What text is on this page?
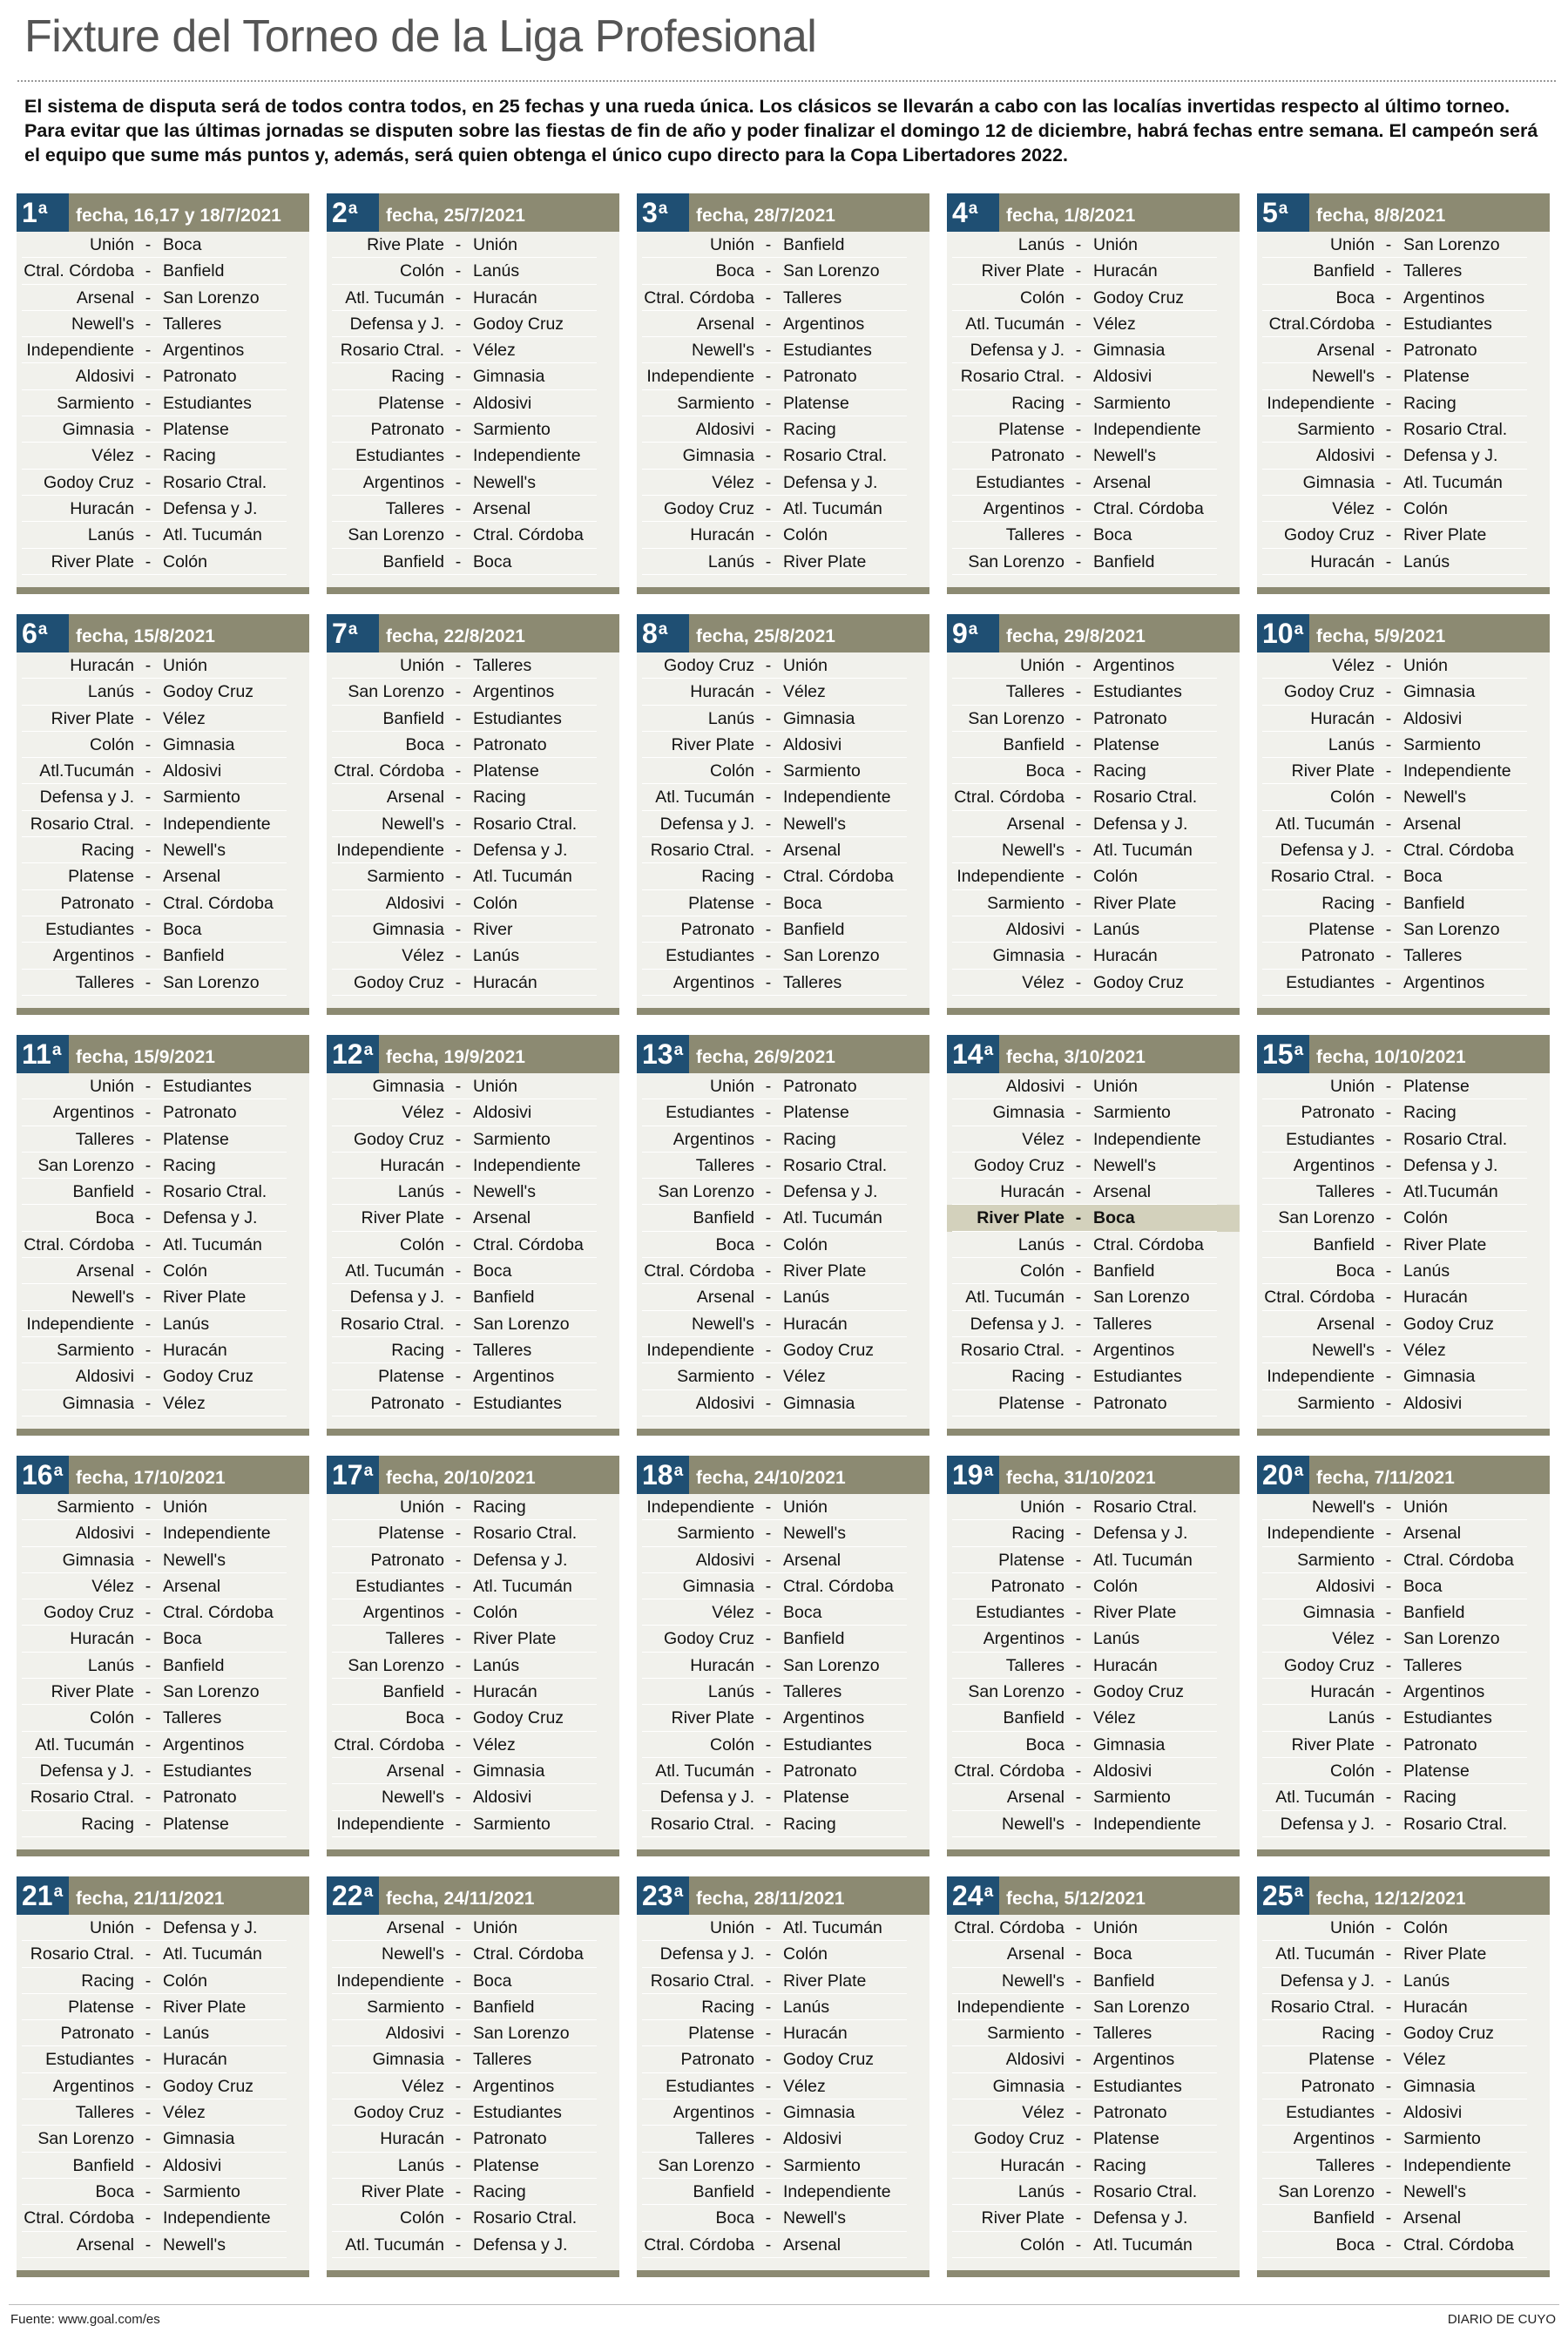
Fixture del Torneo de la Liga Profesional
El sistema de disputa será de todos contra todos, en 25 fechas y una rueda única. Los clásicos se llevarán a cabo con las localías invertidas respecto al último torneo. Para evitar que las últimas jornadas se disputen sobre las fiestas de fin de año y poder finalizar el domingo 12 de diciembre, habrá fechas entre semana. El campeón será el equipo que sume más puntos y, además, será quien obtenga el único cupo directo para la Copa Libertadores 2022.
1$^a$	fecha, 16,17 y 18/7/2021
Unión - Boca
Ctral. Córdoba - Banfield
Arsenal - San Lorenzo
Newell's - Talleres
Independiente - Argentinos
Aldosivi - Patronato
Sarmiento - Estudiantes
Gimnasia - Platense
Vélez - Racing
Godoy Cruz - Rosario Ctral.
Huracán - Defensa y J.
Lanús - Atl. Tucumán
River Plate - Colón
2$^a$	fecha, 25/7/2021
Rive Plate - Unión
Colón - Lanús
Atl. Tucumán - Huracán
Defensa y J. - Godoy Cruz
Rosario Ctral. - Vélez
Racing - Gimnasia
Platense - Aldosivi
Patronato - Sarmiento
Estudiantes - Independiente
Argentinos - Newell's
Talleres - Arsenal
San Lorenzo - Ctral. Córdoba
Banfield - Boca
3$^a$	fecha, 28/7/2021
Unión - Banfield
Boca - San Lorenzo
Ctral. Córdoba - Talleres
Arsenal - Argentinos
Newell's - Estudiantes
Independiente - Patronato
Sarmiento - Platense
Aldosivi - Racing
Gimnasia - Rosario Ctral.
Vélez - Defensa y J.
Godoy Cruz - Atl. Tucumán
Huracán - Colón
Lanús - River Plate
4$^a$	fecha, 1/8/2021
Lanús - Unión
River Plate - Huracán
Colón - Godoy Cruz
Atl. Tucumán - Vélez
Defensa y J. - Gimnasia
Rosario Ctral. - Aldosivi
Racing - Sarmiento
Platense - Independiente
Patronato - Newell's
Estudiantes - Arsenal
Argentinos - Ctral. Córdoba
Talleres - Boca
San Lorenzo - Banfield
5$^a$	fecha, 8/8/2021
Unión - San Lorenzo
Banfield - Talleres
Boca - Argentinos
Ctral.Córdoba - Estudiantes
Arsenal - Patronato
Newell's - Platense
Independiente - Racing
Sarmiento - Rosario Ctral.
Aldosivi - Defensa y J.
Gimnasia - Atl. Tucumán
Vélez - Colón
Godoy Cruz - River Plate
Huracán - Lanús
6$^a$	fecha, 15/8/2021
Huracán - Unión
Lanús - Godoy Cruz
River Plate - Vélez
Colón - Gimnasia
Atl.Tucumán - Aldosivi
Defensa y J. - Sarmiento
Rosario Ctral. - Independiente
Racing - Newell's
Platense - Arsenal
Patronato - Ctral. Córdoba
Estudiantes - Boca
Argentinos - Banfield
Talleres - San Lorenzo
7$^a$	fecha, 22/8/2021
Unión - Talleres
San Lorenzo - Argentinos
Banfield - Estudiantes
Boca - Patronato
Ctral. Córdoba - Platense
Arsenal - Racing
Newell's - Rosario Ctral.
Independiente - Defensa y J.
Sarmiento - Atl. Tucumán
Aldosivi - Colón
Gimnasia - River
Vélez - Lanús
Godoy Cruz - Huracán
8$^a$	fecha, 25/8/2021
Godoy Cruz - Unión
Huracán - Vélez
Lanús - Gimnasia
River Plate - Aldosivi
Colón - Sarmiento
Atl. Tucumán - Independiente
Defensa y J. - Newell's
Rosario Ctral. - Arsenal
Racing - Ctral. Córdoba
Platense - Boca
Patronato - Banfield
Estudiantes - San Lorenzo
Argentinos - Talleres
9$^a$	fecha, 29/8/2021
Unión - Argentinos
Talleres - Estudiantes
San Lorenzo - Patronato
Banfield - Platense
Boca - Racing
Ctral. Córdoba - Rosario Ctral.
Arsenal - Defensa y J.
Newell's - Atl. Tucumán
Independiente - Colón
Sarmiento - River Plate
Aldosivi - Lanús
Gimnasia - Huracán
Vélez - Godoy Cruz
10$^a$ fecha, 5/9/2021
Vélez - Unión
Godoy Cruz - Gimnasia
Huracán - Aldosivi
Lanús - Sarmiento
River Plate - Independiente
Colón - Newell's
Atl. Tucumán - Arsenal
Defensa y J. - Ctral. Córdoba
Rosario Ctral. - Boca
Racing - Banfield
Platense - San Lorenzo
Patronato - Talleres
Estudiantes - Argentinos
11$^a$ fecha, 15/9/2021
Unión - Estudiantes
Argentinos - Patronato
Talleres - Platense
San Lorenzo - Racing
Banfield - Rosario Ctral.
Boca - Defensa y J.
Ctral. Córdoba - Atl. Tucumán
Arsenal - Colón
Newell's - River Plate
Independiente - Lanús
Sarmiento - Huracán
Aldosivi - Godoy Cruz
Gimnasia - Vélez
12$^a$ fecha, 19/9/2021
Gimnasia - Unión
Vélez - Aldosivi
Godoy Cruz - Sarmiento
Huracán - Independiente
Lanús - Newell's
River Plate - Arsenal
Colón - Ctral. Córdoba
Atl. Tucumán - Boca
Defensa y J. - Banfield
Rosario Ctral. - San Lorenzo
Racing - Talleres
Platense - Argentinos
Patronato - Estudiantes
13$^a$ fecha, 26/9/2021
Unión - Patronato
Estudiantes - Platense
Argentinos - Racing
Talleres - Rosario Ctral.
San Lorenzo - Defensa y J.
Banfield - Atl. Tucumán
Boca - Colón
Ctral. Córdoba - River Plate
Arsenal - Lanús
Newell's - Huracán
Independiente - Godoy Cruz
Sarmiento - Vélez
Aldosivi - Gimnasia
14$^a$ fecha, 3/10/2021
Aldosivi - Unión
Gimnasia - Sarmiento
Vélez - Independiente
Godoy Cruz - Newell's
Huracán - Arsenal
River Plate - Boca
Lanús - Ctral. Córdoba
Colón - Banfield
Atl. Tucumán - San Lorenzo
Defensa y J. - Talleres
Rosario Ctral. - Argentinos
Racing - Estudiantes
Platense - Patronato
15$^a$ fecha, 10/10/2021
Unión - Platense
Patronato - Racing
Estudiantes - Rosario Ctral.
Argentinos - Defensa y J.
Talleres - Atl.Tucumán
San Lorenzo - Colón
Banfield - River Plate
Boca - Lanús
Ctral. Córdoba - Huracán
Arsenal - Godoy Cruz
Newell's - Vélez
Independiente - Gimnasia
Sarmiento - Aldosivi
16$^a$ fecha, 17/10/2021
Sarmiento - Unión
Aldosivi - Independiente
Gimnasia - Newell's
Vélez - Arsenal
Godoy Cruz - Ctral. Córdoba
Huracán - Boca
Lanús - Banfield
River Plate - San Lorenzo
Colón - Talleres
Atl. Tucumán - Argentinos
Defensa y J. - Estudiantes
Rosario Ctral. - Patronato
Racing - Platense
17$^a$ fecha, 20/10/2021
Unión - Racing
Platense - Rosario Ctral.
Patronato - Defensa y J.
Estudiantes - Atl. Tucumán
Argentinos - Colón
Talleres - River Plate
San Lorenzo - Lanús
Banfield - Huracán
Boca - Godoy Cruz
Ctral. Córdoba - Vélez
Arsenal - Gimnasia
Newell's - Aldosivi
Independiente - Sarmiento
18$^a$ fecha, 24/10/2021
Independiente - Unión
Sarmiento - Newell's
Aldosivi - Arsenal
Gimnasia - Ctral. Córdoba
Vélez - Boca
Godoy Cruz - Banfield
Huracán - San Lorenzo
Lanús - Talleres
River Plate - Argentinos
Colón - Estudiantes
Atl. Tucumán - Patronato
Defensa y J. - Platense
Rosario Ctral. - Racing
19$^a$ fecha, 31/10/2021
Unión - Rosario Ctral.
Racing - Defensa y J.
Platense - Atl. Tucumán
Patronato - Colón
Estudiantes - River Plate
Argentinos - Lanús
Talleres - Huracán
San Lorenzo - Godoy Cruz
Banfield - Vélez
Boca - Gimnasia
Ctral. Córdoba - Aldosivi
Arsenal - Sarmiento
Newell's - Independiente
20$^a$ fecha, 7/11/2021
Newell's - Unión
Independiente - Arsenal
Sarmiento - Ctral. Córdoba
Aldosivi - Boca
Gimnasia - Banfield
Vélez - San Lorenzo
Godoy Cruz - Talleres
Huracán - Argentinos
Lanús - Estudiantes
River Plate - Patronato
Colón - Platense
Atl. Tucumán - Racing
Defensa y J. - Rosario Ctral.
21$^a$ fecha, 21/11/2021
Unión - Defensa y J.
Rosario Ctral. - Atl. Tucumán
Racing - Colón
Platense - River Plate
Patronato - Lanús
Estudiantes - Huracán
Argentinos - Godoy Cruz
Talleres - Vélez
San Lorenzo - Gimnasia
Banfield - Aldosivi
Boca - Sarmiento
Ctral. Córdoba - Independiente
Arsenal - Newell's
22$^a$ fecha, 24/11/2021
Arsenal - Unión
Newell's - Ctral. Córdoba
Independiente - Boca
Sarmiento - Banfield
Aldosivi - San Lorenzo
Gimnasia - Talleres
Vélez - Argentinos
Godoy Cruz - Estudiantes
Huracán - Patronato
Lanús - Platense
River Plate - Racing
Colón - Rosario Ctral.
Atl. Tucumán - Defensa y J.
23$^a$ fecha, 28/11/2021
Unión - Atl. Tucumán
Defensa y J. - Colón
Rosario Ctral. - River Plate
Racing - Lanús
Platense - Huracán
Patronato - Godoy Cruz
Estudiantes - Vélez
Argentinos - Gimnasia
Talleres - Aldosivi
San Lorenzo - Sarmiento
Banfield - Independiente
Boca - Newell's
Ctral. Córdoba - Arsenal
24$^a$ fecha, 5/12/2021
Ctral. Córdoba - Unión
Arsenal - Boca
Newell's - Banfield
Independiente - San Lorenzo
Sarmiento - Talleres
Aldosivi - Argentinos
Gimnasia - Estudiantes
Vélez - Patronato
Godoy Cruz - Platense
Huracán - Racing
Lanús - Rosario Ctral.
River Plate - Defensa y J.
Colón - Atl. Tucumán
25$^a$ fecha, 12/12/2021
Unión - Colón
Atl. Tucumán - River Plate
Defensa y J. - Lanús
Rosario Ctral. - Huracán
Racing - Godoy Cruz
Platense - Vélez
Patronato - Gimnasia
Estudiantes - Aldosivi
Argentinos - Sarmiento
Talleres - Independiente
San Lorenzo - Newell's
Banfield - Arsenal
Boca - Ctral. Córdoba
Fuente: www.goal.com/es	DIARIO DE CUYO
